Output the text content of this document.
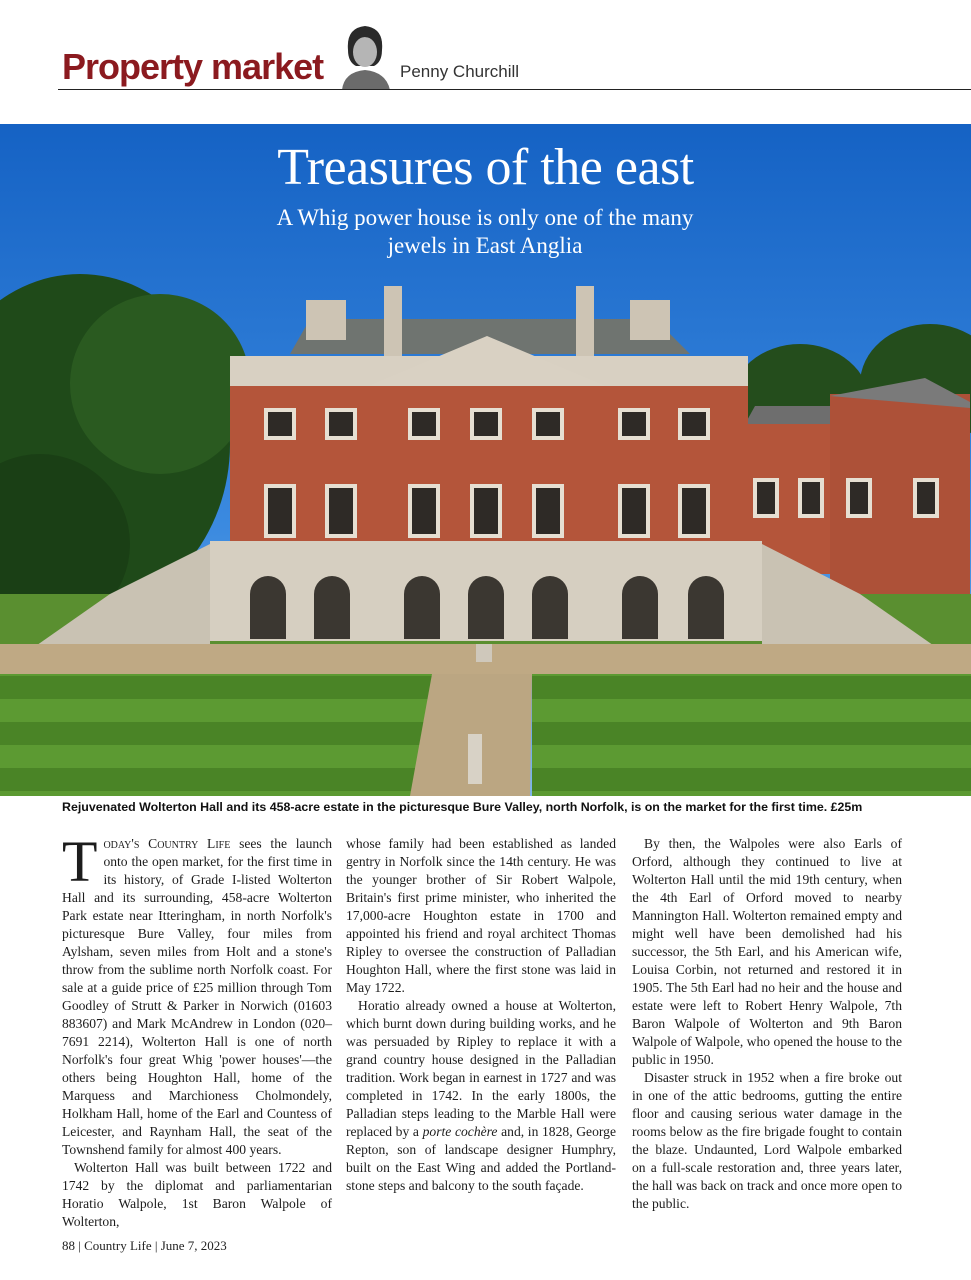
Property market	Penny Churchill
Treasures of the east
A Whig power house is only one of the many jewels in East Anglia
Rejuvenated Wolterton Hall and its 458-acre estate in the picturesque Bure Valley, north Norfolk, is on the market for the first time. £25m

Today's Country Life sees the launch onto the open market, for the first time in its history, of Grade I-listed Wolterton Hall and its surrounding, 458-acre Wolterton Park estate near Itteringham, in north Norfolk's picturesque Bure Valley, four miles from Aylsham, seven miles from Holt and a stone's throw from the sublime north Norfolk coast. For sale at a guide price of £25 million through Tom Goodley of Strutt & Parker in Norwich (01603 883607) and Mark McAndrew in London (020–7691 2214), Wolterton Hall is one of north Norfolk's four great Whig 'power houses'—the others being Houghton Hall, home of the Marquess and Marchioness Cholmondely, Holkham Hall, home of the Earl and Countess of Leicester, and Raynham Hall, the seat of the Townshend family for almost 400 years.

Wolterton Hall was built between 1722 and 1742 by the diplomat and parliamentarian Horatio Walpole, 1st Baron Walpole of Wolterton,

whose family had been established as landed gentry in Norfolk since the 14th century. He was the younger brother of Sir Robert Walpole, Britain's first prime minister, who inherited the 17,000-acre Houghton estate in 1700 and appointed his friend and royal architect Thomas Ripley to oversee the construction of Palladian Houghton Hall, where the first stone was laid in May 1722.

Horatio already owned a house at Wolterton, which burnt down during building works, and he was persuaded by Ripley to replace it with a grand country house designed in the Palladian tradition. Work began in earnest in 1727 and was completed in 1742. In the early 1800s, the Palladian steps leading to the Marble Hall were replaced by a porte cochère and, in 1828, George Repton, son of landscape designer Humphry, built on the East Wing and added the Portland-stone steps and balcony to the south façade.

By then, the Walpoles were also Earls of Orford, although they continued to live at Wolterton Hall until the mid 19th century, when the 4th Earl of Orford moved to nearby Mannington Hall. Wolterton remained empty and might well have been demolished had his successor, the 5th Earl, and his American wife, Louisa Corbin, not returned and restored it in 1905. The 5th Earl had no heir and the house and estate were left to Robert Henry Walpole, 7th Baron Walpole of Wolterton and 9th Baron Walpole of Walpole, who opened the house to the public in 1950.

Disaster struck in 1952 when a fire broke out in one of the attic bedrooms, gutting the entire floor and causing serious water damage in the rooms below as the fire brigade fought to contain the blaze. Undaunted, Lord Walpole embarked on a full-scale restoration and, three years later, the hall was back on track and once more open to the public.

88 | Country Life | June 7, 2023
